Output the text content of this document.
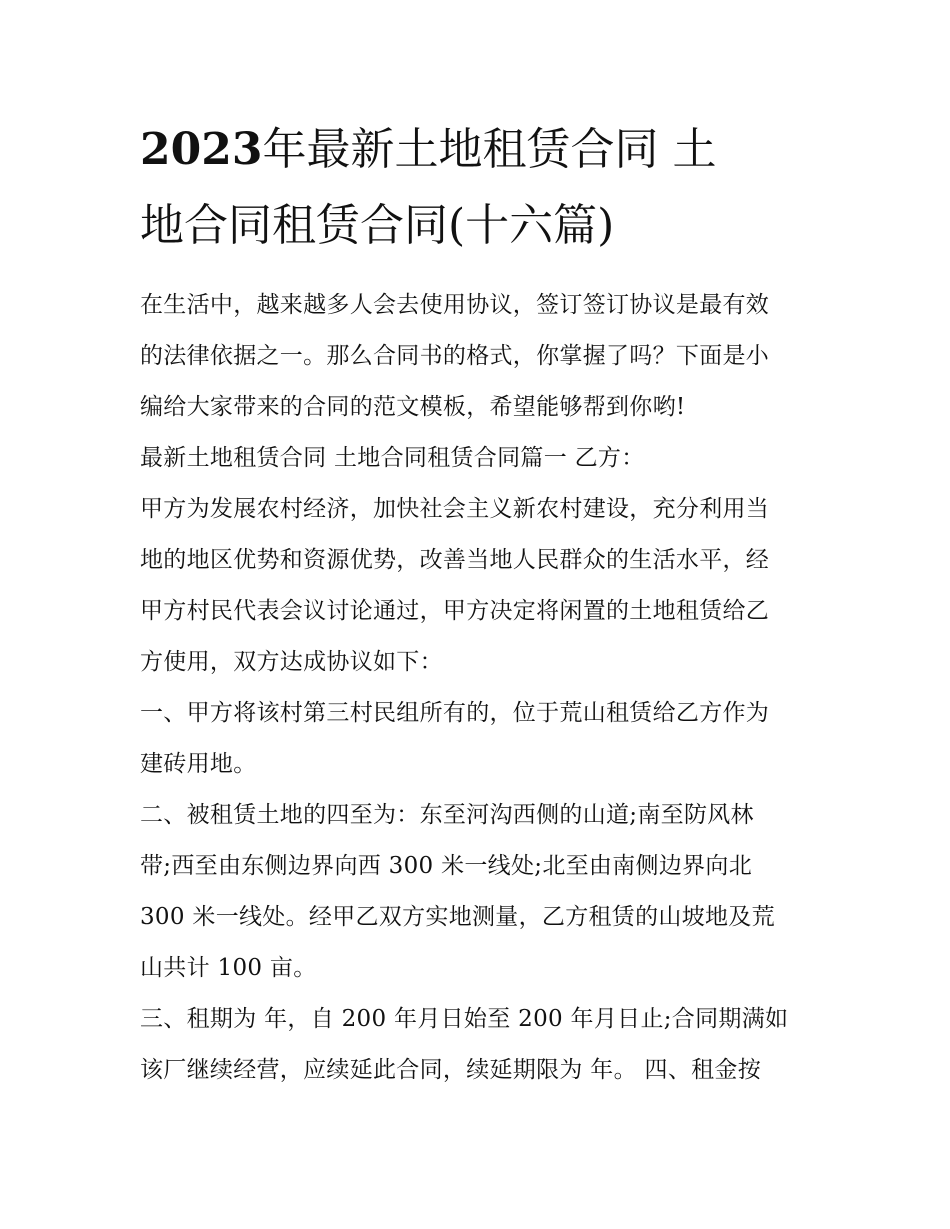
2023年最新土地租赁合同 土
地合同租赁合同(十六篇)
在生活中，越来越多人会去使用协议，签订签订协议是最有效
的法律依据之一。那么合同书的格式，你掌握了吗？下面是小
编给大家带来的合同的范文模板，希望能够帮到你哟!
最新土地租赁合同 土地合同租赁合同篇一 乙方：
甲方为发展农村经济，加快社会主义新农村建设，充分利用当
地的地区优势和资源优势，改善当地人民群众的生活水平，经
甲方村民代表会议讨论通过，甲方决定将闲置的土地租赁给乙
方使用，双方达成协议如下：
一、甲方将该村第三村民组所有的，位于荒山租赁给乙方作为
建砖用地。
二、被租赁土地的四至为：东至河沟西侧的山道;南至防风林
带;西至由东侧边界向西 300 米一线处;北至由南侧边界向北
300 米一线处。经甲乙双方实地测量，乙方租赁的山坡地及荒
山共计 100 亩。
三、租期为 年，自 200 年月日始至 200 年月日止;合同期满如
该厂继续经营，应续延此合同，续延期限为 年。 四、租金按
